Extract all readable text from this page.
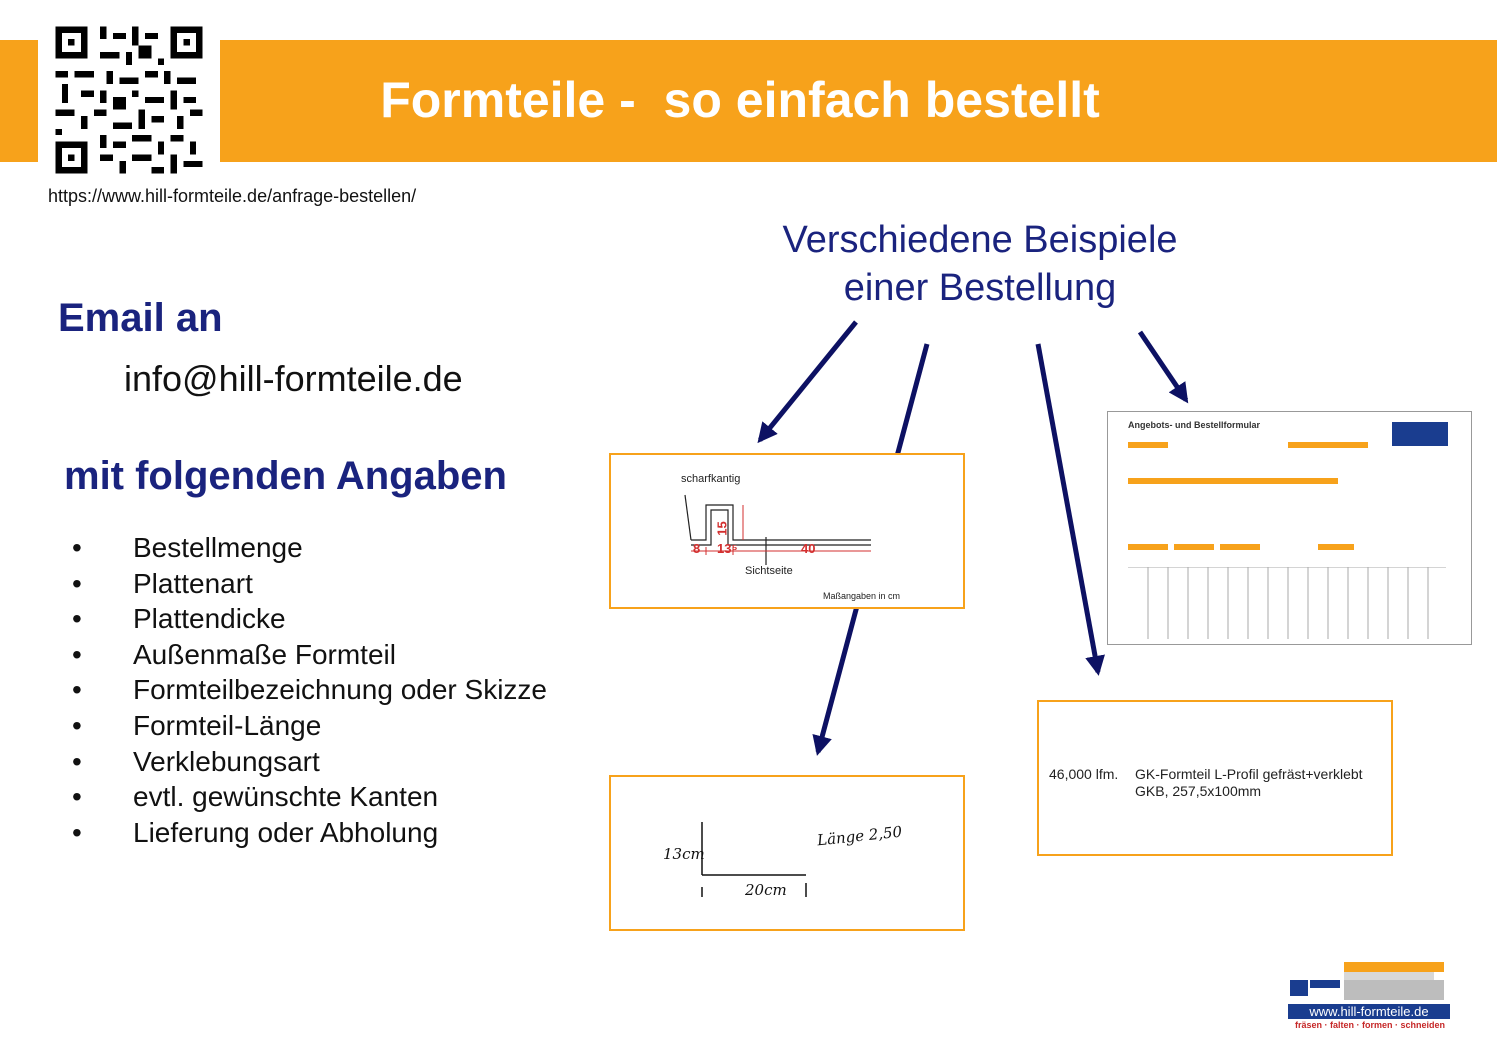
Formteile -  so einfach bestellt
https://www.hill-formteile.de/anfrage-bestellen/
Verschiedene Beispiele
einer Bestellung
Email an
info@hill-formteile.de
mit folgenden Angaben
• Bestellmenge
• Plattenart
• Plattendicke
• Außenmaße Formteil
• Formteilbezeichnung oder Skizze
• Formteil-Länge
• Verklebungsart
• evtl. gewünschte Kanten
• Lieferung oder Abholung
scharfkantig
8 13⁵
15
40
Sichtseite
Maßangaben in cm
Angebots- und Bestellformular
13cm
20cm
Länge 2,50
46,000 lfm. GK-Formteil L-Profil gefräst+verklebt
GKB, 257,5x100mm
www.hill-formteile.de
fräsen · falten · formen · schneiden
